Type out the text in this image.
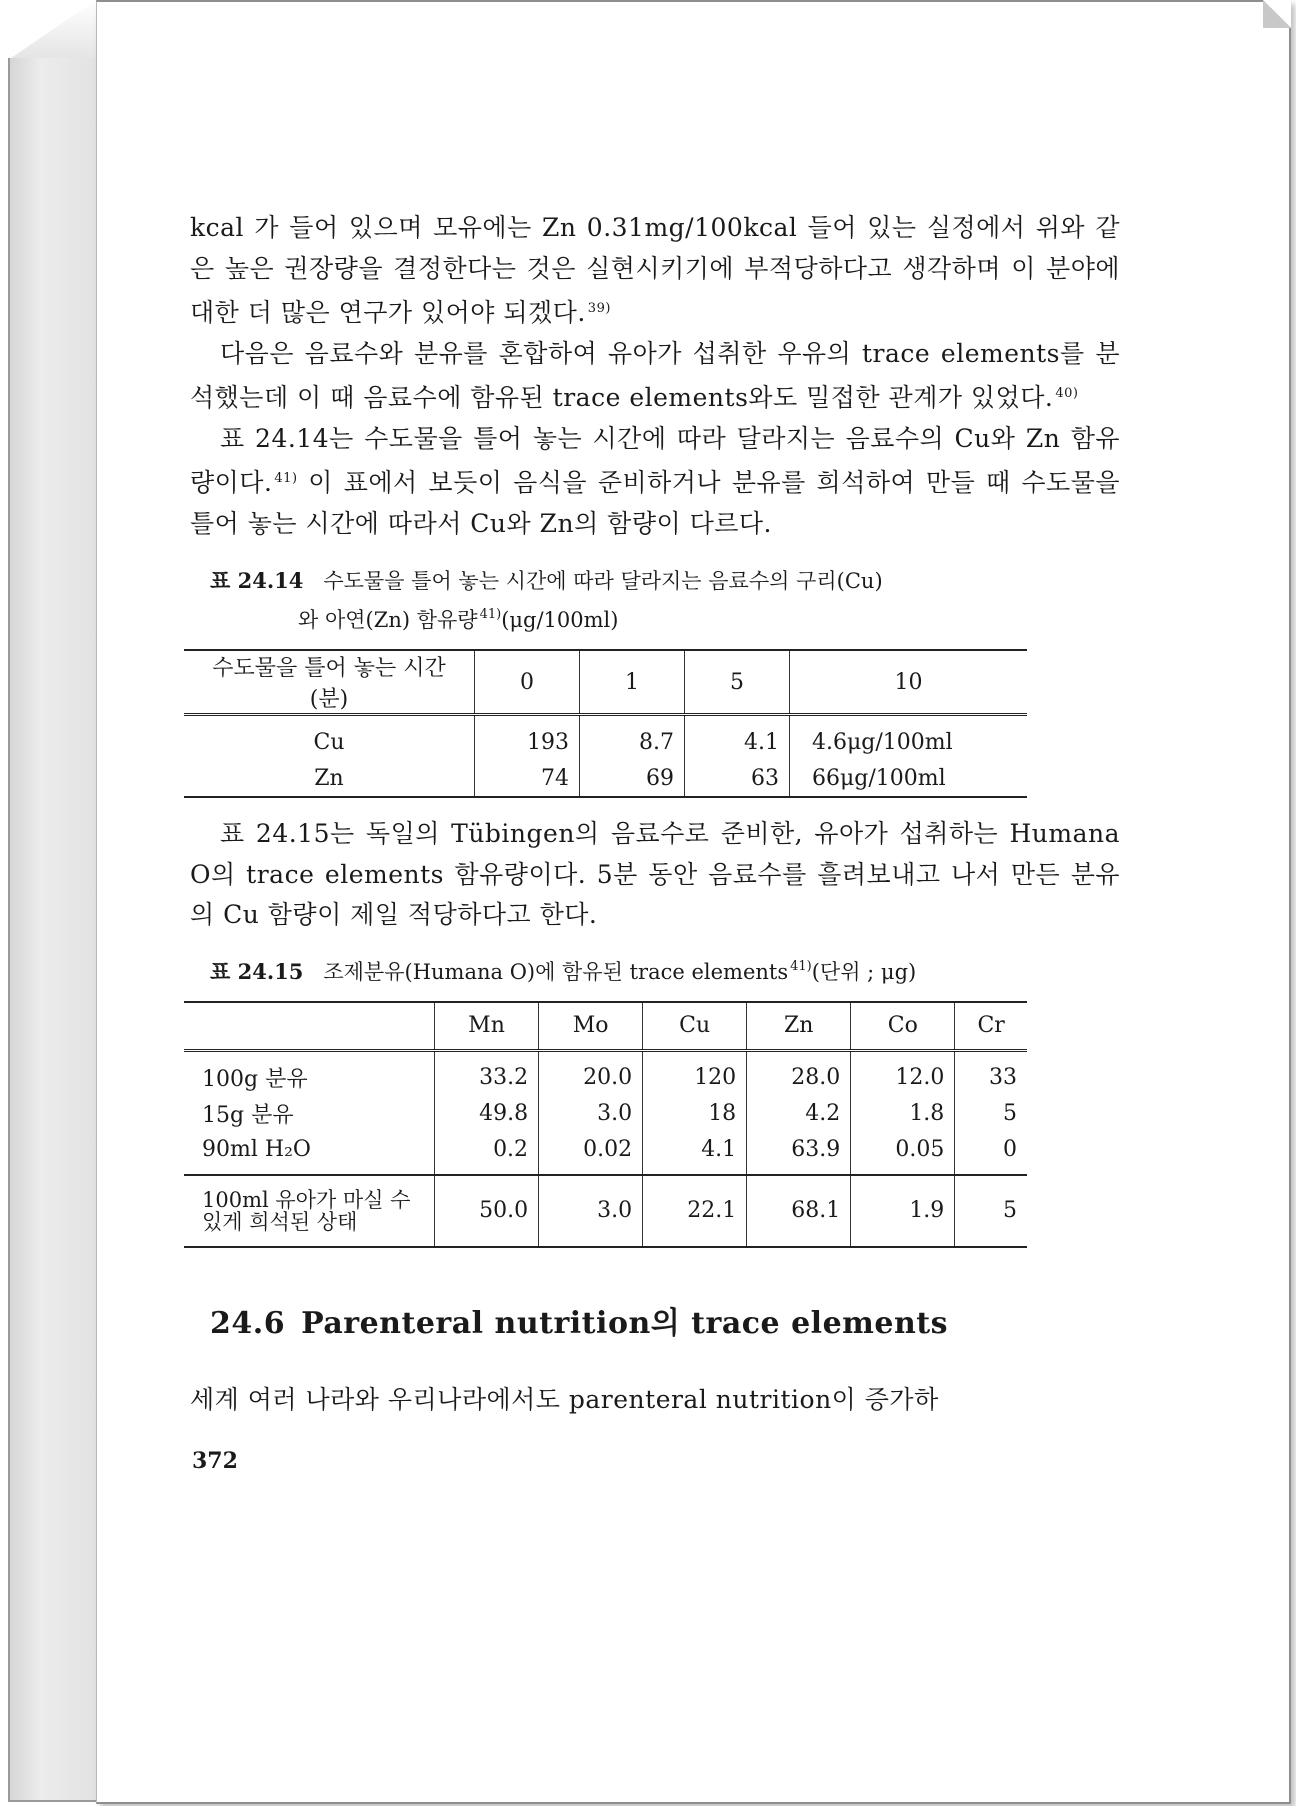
kcal 가 들어 있으며 모유에는 Zn 0.31mg/100kcal 들어 있는 실정에서 위와 같은 높은 권장량을 결정한다는 것은 실현시키기에 부적당하다고 생각하며 이 분야에 대한 더 많은 연구가 있어야 되겠다. $^{39)}$

다음은 음료수와 분유를 혼합하여 유아가 섭취한 우유의 trace elements를 분석했는데 이 때 음료수에 함유된 trace elements와도 밀접한 관계가 있었다. $^{40)}$

표 24.14는 수도물을 틀어 놓는 시간에 따라 달라지는 음료수의 Cu와 Zn 함유량이다. $^{41)}$ 이 표에서 보듯이 음식을 준비하거나 분유를 희석하여 만들 때 수도물을 틀어 놓는 시간에 따라서 Cu와 Zn의 함량이 다르다.

표 24.14 수도물을 틀어 놓는 시간에 따라 달라지는 음료수의 구리(Cu)
와 아연(Zn) 함유량 $^{41)}$(μg/100ml)
수도물을 틀어 놓는 시간(분)	0	1	5	10
Cu	193	8.7	4.1	4.6μg/100ml
Zn	74	69	63	66μg/100ml

표 24.15는 독일의 Tübingen의 음료수로 준비한, 유아가 섭취하는 Humana O의 trace elements 함유량이다. 5분 동안 음료수를 흘려보내고 나서 만든 분유의 Cu 함량이 제일 적당하다고 한다.

표 24.15 조제분유(Humana O)에 함유된 trace elements $^{41)}$(단위 ; μg)
	Mn	Mo	Cu	Zn	Co	Cr
100g 분유	33.2	20.0	120	28.0	12.0	33
15g 분유	49.8	3.0	18	4.2	1.8	5
90ml H₂O	0.2	0.02	4.1	63.9	0.05	0
100ml 유아가 마실 수
있게 희석된 상태	50.0	3.0	22.1	68.1	1.9	5
24.6 Parenteral nutrition의 trace elements

세계 여러 나라와 우리나라에서도 parenteral nutrition이 증가하

372
